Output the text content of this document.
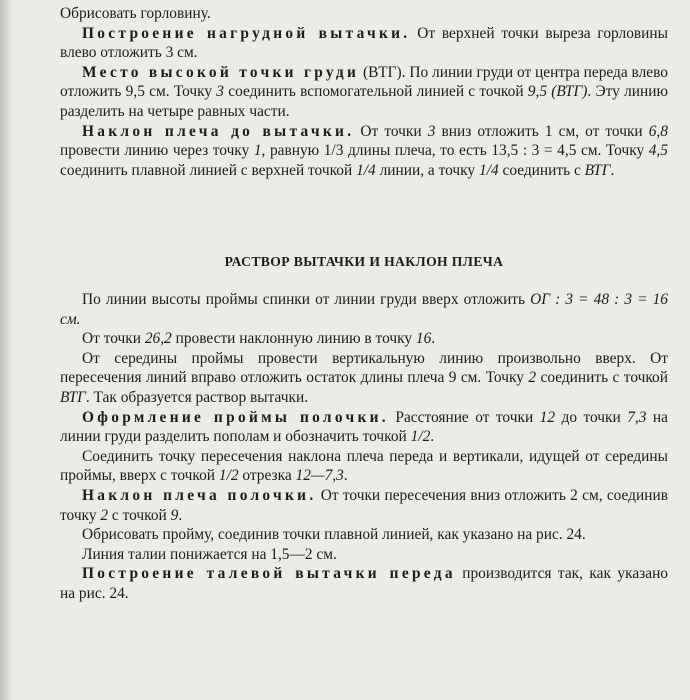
Обрисовать горловину.

Построение нагрудной вытачки. От верхней точки выреза горловины влево отложить 3 см.

Место высокой точки груди (ВТГ). По линии груди от центра переда влево отложить 9,5 см. Точку 3 соединить вспомогательной линией с точкой 9,5 (ВТГ). Эту линию разделить на четыре равных части.

Наклон плеча до вытачки. От точки 3 вниз отложить 1 см, от точки 6,8 провести линию через точку 1, равную 1/3 длины плеча, то есть 13,5 : 3 = 4,5 см. Точку 4,5 соединить плавной линией с верхней точкой 1/4 линии, а точку 1/4 соединить с ВТГ.

РАСТВОР ВЫТАЧКИ И НАКЛОН ПЛЕЧА

По линии высоты проймы спинки от линии груди вверх отложить ОГ : 3 = 48 : 3 = 16 см.

От точки 26,2 провести наклонную линию в точку 16.

От середины проймы провести вертикальную линию произвольно вверх. От пересечения линий вправо отложить остаток длины плеча 9 см. Точку 2 соединить с точкой ВТГ. Так образуется раствор вытачки.

Оформление проймы полочки. Расстояние от точки 12 до точки 7,3 на линии груди разделить пополам и обозначить точкой 1/2.

Соединить точку пересечения наклона плеча переда и вертикали, идущей от середины проймы, вверх с точкой 1/2 отрезка 12—7,3.

Наклон плеча полочки. От точки пересечения вниз отложить 2 см, соединив точку 2 с точкой 9.

Обрисовать пройму, соединив точки плавной линией, как указано на рис. 24.

Линия талии понижается на 1,5—2 см.

Построение талевой вытачки переда производится так, как указано на рис. 24.
